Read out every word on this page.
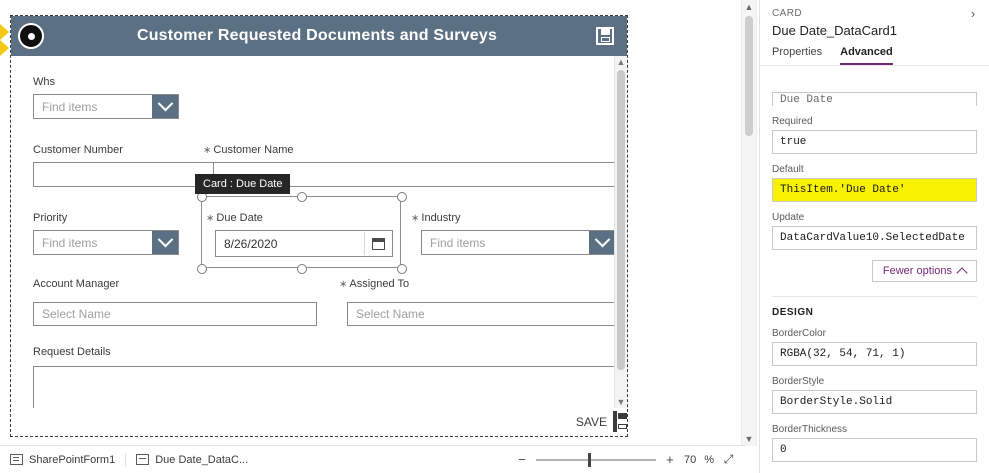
Customer Requested Documents and Surveys
Whs
Find items
Customer Number	∗ Customer Name
Priority
Find items
∗ Due Date
8/26/2020
Card : Due Date
∗ Industry
Find items
Account Manager
Select Name
∗ Assigned To
Select Name
Request Details
▲
▼
SAVE
▲
▼
CARD
Due Date_DataCard1
›
Properties Advanced
Due Date
Required
true
Default
ThisItem.'Due Date'
Update
DataCardValue10.SelectedDate
Fewer options
DESIGN
BorderColor
RGBA(32, 54, 71, 1)
BorderStyle
BorderStyle.Solid
BorderThickness
0
SharePointForm1	Due Date_DataC...	−	+ 70 % ⤢
